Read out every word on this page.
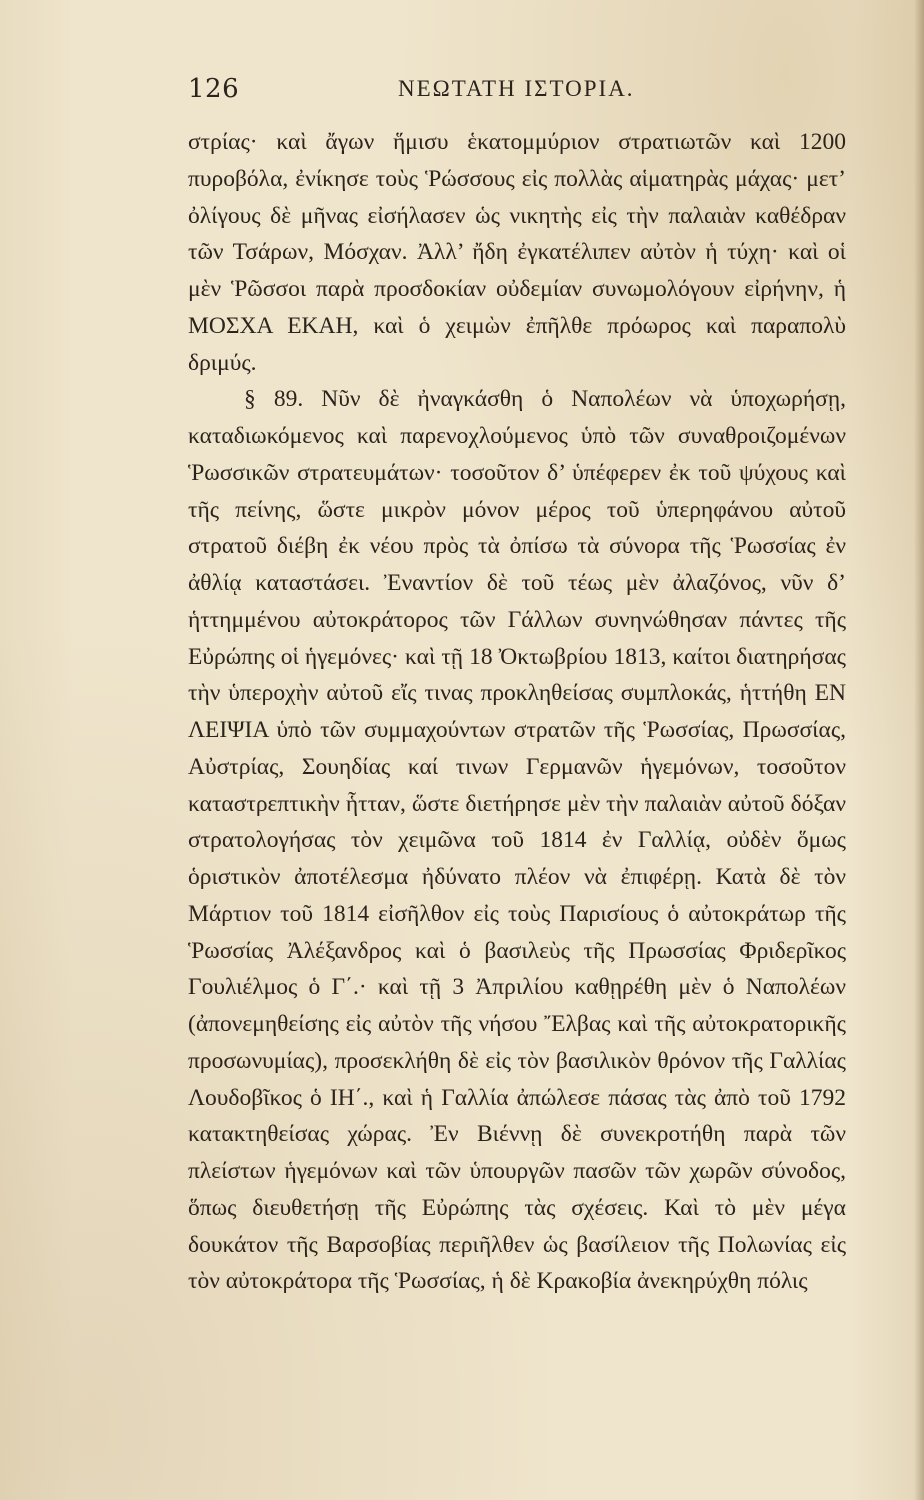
126	ΝΕΩΤΑΤΗ ΙΣΤΟΡΙΑ.

στρίας· καὶ ἄγων ἥμισυ ἑκατομμύριον στρατιωτῶν καὶ 1200 πυροβόλα, ἐνίκησε τοὺς Ῥώσσους εἰς πολλὰς αἱματηρὰς μάχας· μετ’ ὀλίγους δὲ μῆνας εἰσήλασεν ὡς νικητὴς εἰς τὴν παλαιὰν καθέδραν τῶν Τσάρων, Μόσχαν. Ἀλλ’ ἤδη ἐγκατέλιπεν αὐτὸν ἡ τύχη· καὶ οἱ μὲν Ῥῶσσοι παρὰ προσδοκίαν οὐδεμίαν συνωμολόγουν εἰρήνην, ἡ ΜΟΣΧΑ ΕΚΑΗ, καὶ ὁ χειμὼν ἐπῆλθε πρόωρος καὶ παραπολὺ δριμύς.

§ 89. Νῦν δὲ ἠναγκάσθη ὁ Ναπολέων νὰ ὑποχωρήσῃ, καταδιωκόμενος καὶ παρενοχλούμενος ὑπὸ τῶν συναθροιζομένων Ῥωσσικῶν στρατευμάτων· τοσοῦτον δ’ ὑπέφερεν ἐκ τοῦ ψύχους καὶ τῆς πείνης, ὥστε μικρὸν μόνον μέρος τοῦ ὑπερηφάνου αὐτοῦ στρατοῦ διέβη ἐκ νέου πρὸς τὰ ὀπίσω τὰ σύνορα τῆς Ῥωσσίας ἐν ἀθλίᾳ καταστάσει. Ἐναντίον δὲ τοῦ τέως μὲν ἀλαζόνος, νῦν δ’ ἡττημμένου αὐτοκράτορος τῶν Γάλλων συνηνώθησαν πάντες τῆς Εὐρώπης οἱ ἡγεμόνες· καὶ τῇ 18 Ὀκτωβρίου 1813, καίτοι διατηρήσας τὴν ὑπεροχὴν αὐτοῦ εἴς τινας προκληθείσας συμπλοκάς, ἡττήθη ΕΝ ΛΕΙΨΙΑ ὑπὸ τῶν συμμαχούντων στρατῶν τῆς Ῥωσσίας, Πρωσσίας, Αὐστρίας, Σουηδίας καί τινων Γερμανῶν ἡγεμόνων, τοσοῦτον καταστρεπτικὴν ἧτταν, ὥστε διετήρησε μὲν τὴν παλαιὰν αὐτοῦ δόξαν στρατολογήσας τὸν χειμῶνα τοῦ 1814 ἐν Γαλλίᾳ, οὐδὲν ὅμως ὁριστικὸν ἀποτέλεσμα ἠδύνατο πλέον νὰ ἐπιφέρῃ. Κατὰ δὲ τὸν Μάρτιον τοῦ 1814 εἰσῆλθον εἰς τοὺς Παρισίους ὁ αὐτοκράτωρ τῆς Ῥωσσίας Ἀλέξανδρος καὶ ὁ βασιλεὺς τῆς Πρωσσίας Φριδερῖκος Γουλιέλμος ὁ Γ΄.· καὶ τῇ 3 Ἀπριλίου καθῃρέθη μὲν ὁ Ναπολέων (ἀπονεμηθείσης εἰς αὐτὸν τῆς νήσου Ἔλβας καὶ τῆς αὐτοκρατορικῆς προσωνυμίας), προσεκλήθη δὲ εἰς τὸν βασιλικὸν θρόνον τῆς Γαλλίας Λουδοβῖκος ὁ ΙΗ΄., καὶ ἡ Γαλλία ἀπώλεσε πάσας τὰς ἀπὸ τοῦ 1792 κατακτηθείσας χώρας. Ἐν Βιέννῃ δὲ συνεκροτήθη παρὰ τῶν πλείστων ἡγεμόνων καὶ τῶν ὑπουργῶν πασῶν τῶν χωρῶν σύνοδος, ὅπως διευθετήσῃ τῆς Εὐρώπης τὰς σχέσεις. Καὶ τὸ μὲν μέγα δουκάτον τῆς Βαρσοβίας περιῆλθεν ὡς βασίλειον τῆς Πολωνίας εἰς τὸν αὐτοκράτορα τῆς Ῥωσσίας, ἡ δὲ Κρακοβία ἀνεκηρύχθη πόλις
